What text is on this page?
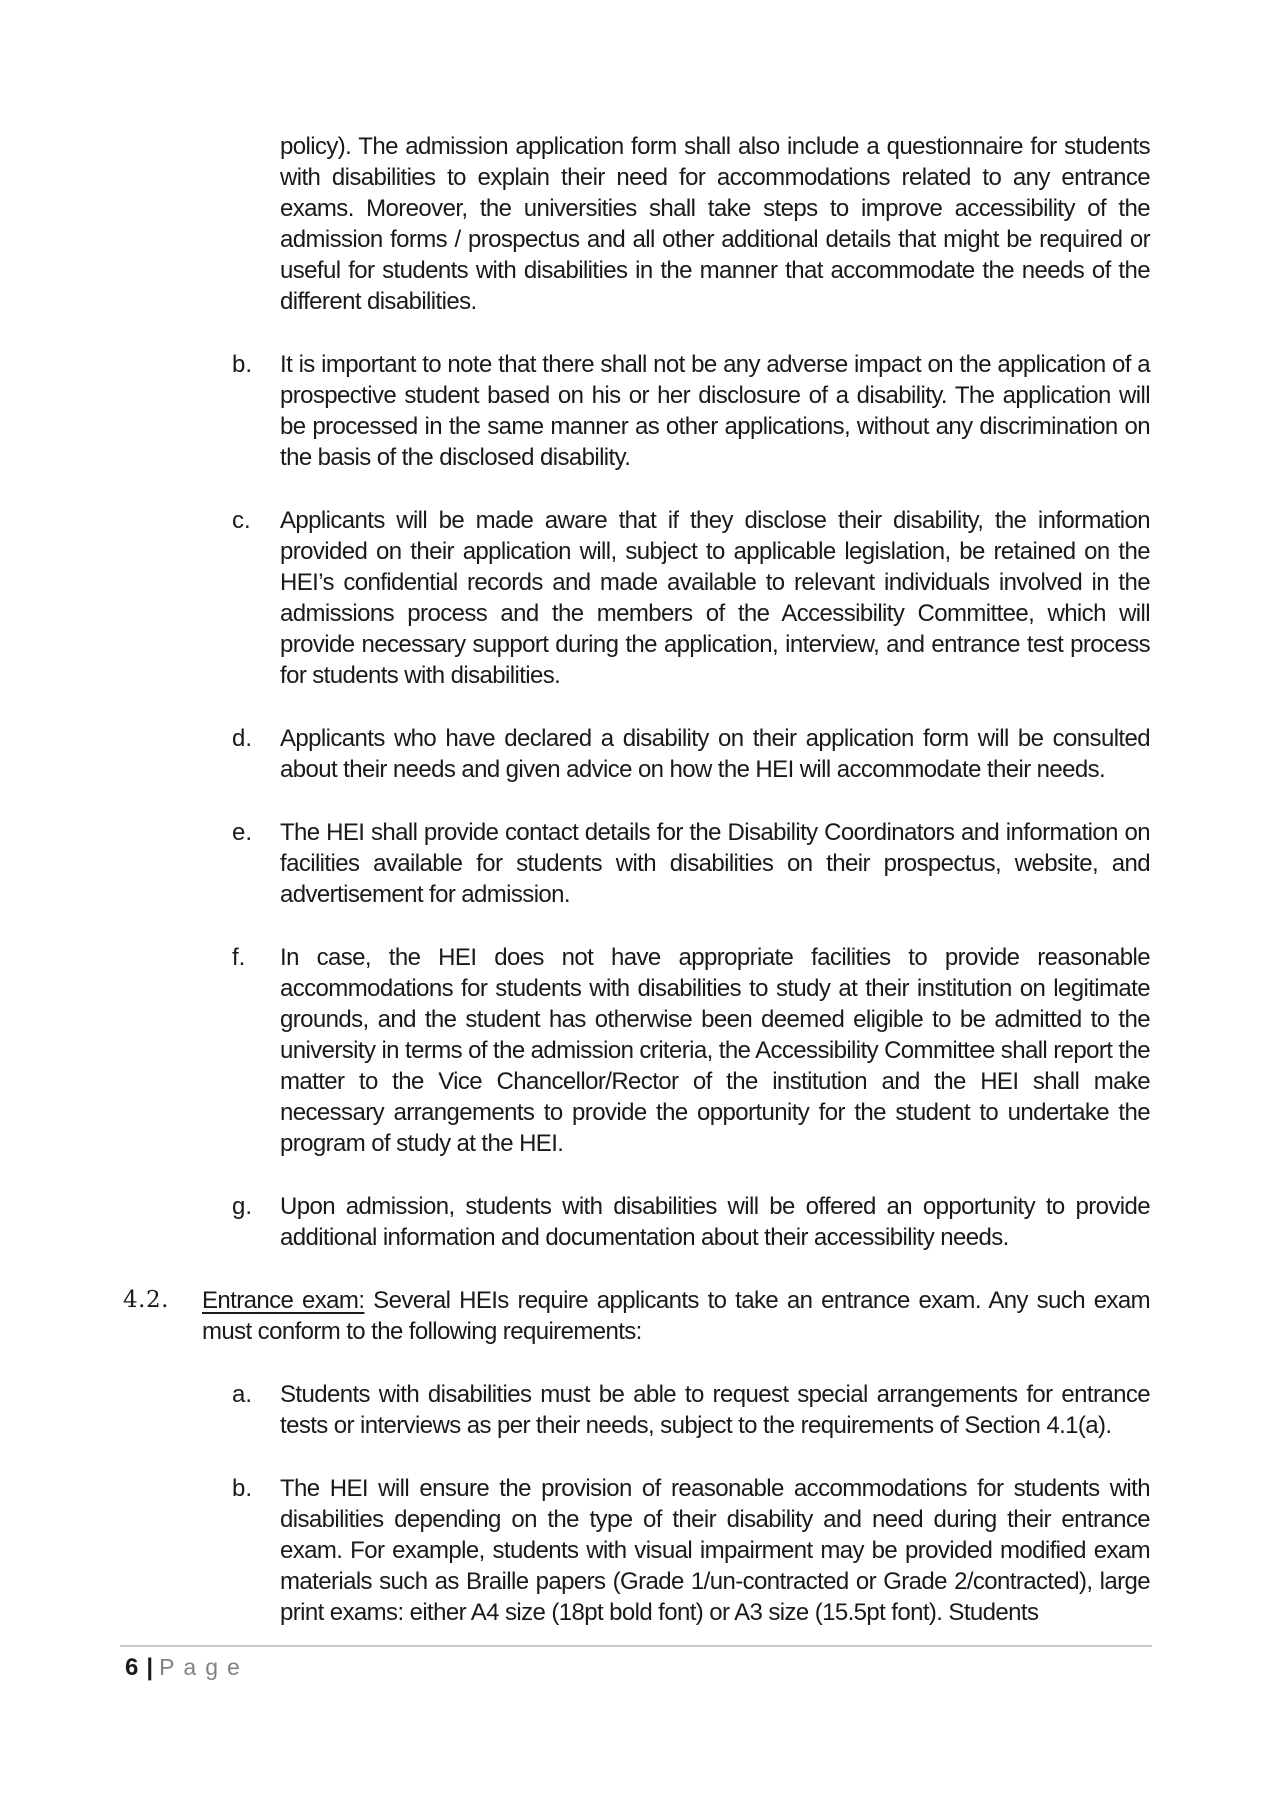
policy). The admission application form shall also include a questionnaire for students with disabilities to explain their need for accommodations related to any entrance exams. Moreover, the universities shall take steps to improve accessibility of the admission forms / prospectus and all other additional details that might be required or useful for students with disabilities in the manner that accommodate the needs of the different disabilities.

b. It is important to note that there shall not be any adverse impact on the application of a prospective student based on his or her disclosure of a disability. The application will be processed in the same manner as other applications, without any discrimination on the basis of the disclosed disability.
c. Applicants will be made aware that if they disclose their disability, the information provided on their application will, subject to applicable legislation, be retained on the HEI’s confidential records and made available to relevant individuals involved in the admissions process and the members of the Accessibility Committee, which will provide necessary support during the application, interview, and entrance test process for students with disabilities.
d. Applicants who have declared a disability on their application form will be consulted about their needs and given advice on how the HEI will accommodate their needs.
e. The HEI shall provide contact details for the Disability Coordinators and information on facilities available for students with disabilities on their prospectus, website, and advertisement for admission.
f. In case, the HEI does not have appropriate facilities to provide reasonable accommodations for students with disabilities to study at their institution on legitimate grounds, and the student has otherwise been deemed eligible to be admitted to the university in terms of the admission criteria, the Accessibility Committee shall report the matter to the Vice Chancellor/Rector of the institution and the HEI shall make necessary arrangements to provide the opportunity for the student to undertake the program of study at the HEI.
g. Upon admission, students with disabilities will be offered an opportunity to provide additional information and documentation about their accessibility needs.
4.2. Entrance exam: Several HEIs require applicants to take an entrance exam. Any such exam must conform to the following requirements:
a. Students with disabilities must be able to request special arrangements for entrance tests or interviews as per their needs, subject to the requirements of Section 4.1(a).
b. The HEI will ensure the provision of reasonable accommodations for students with disabilities depending on the type of their disability and need during their entrance exam. For example, students with visual impairment may be provided modified exam materials such as Braille papers (Grade 1/un-contracted or Grade 2/contracted), large print exams: either A4 size (18pt bold font) or A3 size (15.5pt font). Students
6 | Page
